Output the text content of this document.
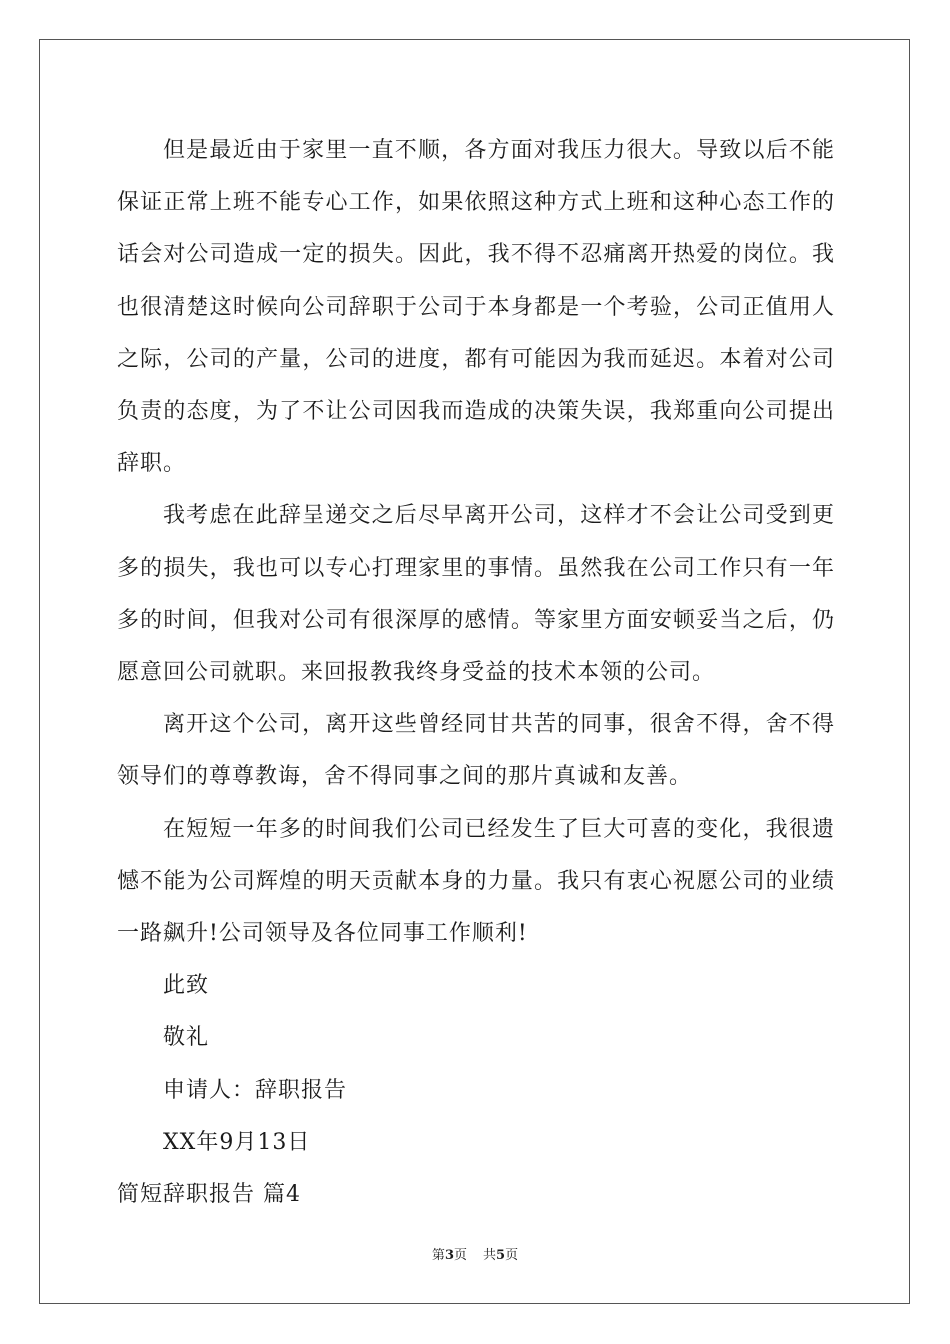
但是最近由于家里一直不顺，各方面对我压力很大。导致以后不能保证正常上班不能专心工作，如果依照这种方式上班和这种心态工作的话会对公司造成一定的损失。因此，我不得不忍痛离开热爱的岗位。我也很清楚这时候向公司辞职于公司于本身都是一个考验，公司正值用人之际，公司的产量，公司的进度，都有可能因为我而延迟。本着对公司负责的态度，为了不让公司因我而造成的决策失误，我郑重向公司提出辞职。

我考虑在此辞呈递交之后尽早离开公司，这样才不会让公司受到更多的损失，我也可以专心打理家里的事情。虽然我在公司工作只有一年多的时间，但我对公司有很深厚的感情。等家里方面安顿妥当之后，仍愿意回公司就职。来回报教我终身受益的技术本领的公司。

离开这个公司，离开这些曾经同甘共苦的同事，很舍不得，舍不得领导们的尊尊教诲，舍不得同事之间的那片真诚和友善。

在短短一年多的时间我们公司已经发生了巨大可喜的变化，我很遗憾不能为公司辉煌的明天贡献本身的力量。我只有衷心祝愿公司的业绩一路飙升!公司领导及各位同事工作顺利!

此致

敬礼

申请人：辞职报告

XX年9月13日

简短辞职报告 篇4

第3页 共5页
